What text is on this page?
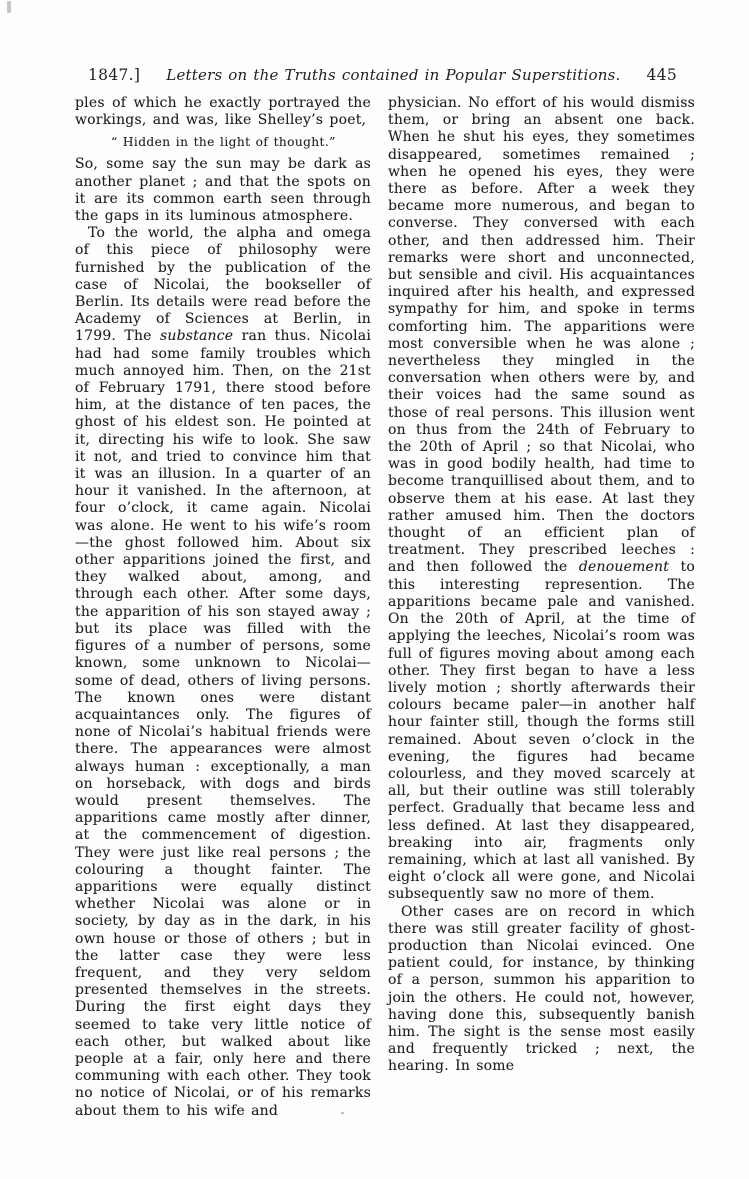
1847.]	Letters on the Truths contained in Popular Superstitions.	445

ples of which he exactly portrayed the workings, and was, like Shelley’s poet,

“ Hidden in the light of thought.”

So, some say the sun may be dark as another planet ; and that the spots on it are its common earth seen through the gaps in its luminous atmosphere.

To the world, the alpha and omega of this piece of philosophy were furnished by the publication of the case of Nicolai, the bookseller of Berlin. Its details were read before the Academy of Sciences at Berlin, in 1799. The substance ran thus. Nicolai had had some family troubles which much annoyed him. Then, on the 21st of February 1791, there stood before him, at the distance of ten paces, the ghost of his eldest son. He pointed at it, directing his wife to look. She saw it not, and tried to convince him that it was an illusion. In a quarter of an hour it vanished. In the afternoon, at four o’clock, it came again. Nicolai was alone. He went to his wife’s room—the ghost followed him. About six other apparitions joined the first, and they walked about, among, and through each other. After some days, the apparition of his son stayed away ; but its place was filled with the figures of a number of persons, some known, some unknown to Nicolai—some of dead, others of living persons. The known ones were distant acquaintances only. The figures of none of Nicolai’s habitual friends were there. The appearances were almost always human : exceptionally, a man on horseback, with dogs and birds would present themselves. The apparitions came mostly after dinner, at the commencement of digestion. They were just like real persons ; the colouring a thought fainter. The apparitions were equally distinct whether Nicolai was alone or in society, by day as in the dark, in his own house or those of others ; but in the latter case they were less frequent, and they very seldom presented themselves in the streets. During the first eight days they seemed to take very little notice of each other, but walked about like people at a fair, only here and there communing with each other. They took no notice of Nicolai, or of his remarks about them to his wife and

physician. No effort of his would dismiss them, or bring an absent one back. When he shut his eyes, they sometimes disappeared, sometimes remained ; when he opened his eyes, they were there as before. After a week they became more numerous, and began to converse. They conversed with each other, and then addressed him. Their remarks were short and unconnected, but sensible and civil. His acquaintances inquired after his health, and expressed sympathy for him, and spoke in terms comforting him. The apparitions were most conversible when he was alone ; nevertheless they mingled in the conversation when others were by, and their voices had the same sound as those of real persons. This illusion went on thus from the 24th of February to the 20th of April ; so that Nicolai, who was in good bodily health, had time to become tranquillised about them, and to observe them at his ease. At last they rather amused him. Then the doctors thought of an efficient plan of treatment. They prescribed leeches : and then followed the denouement to this interesting represention. The apparitions became pale and vanished. On the 20th of April, at the time of applying the leeches, Nicolai’s room was full of figures moving about among each other. They first began to have a less lively motion ; shortly afterwards their colours became paler—in another half hour fainter still, though the forms still remained. About seven o’clock in the evening, the figures had became colourless, and they moved scarcely at all, but their outline was still tolerably perfect. Gradually that became less and less defined. At last they disappeared, breaking into air, fragments only remaining, which at last all vanished. By eight o’clock all were gone, and Nicolai subsequently saw no more of them.

Other cases are on record in which there was still greater facility of ghost-production than Nicolai evinced. One patient could, for instance, by thinking of a person, summon his apparition to join the others. He could not, however, having done this, subsequently banish him. The sight is the sense most easily and frequently tricked ; next, the hearing. In some
